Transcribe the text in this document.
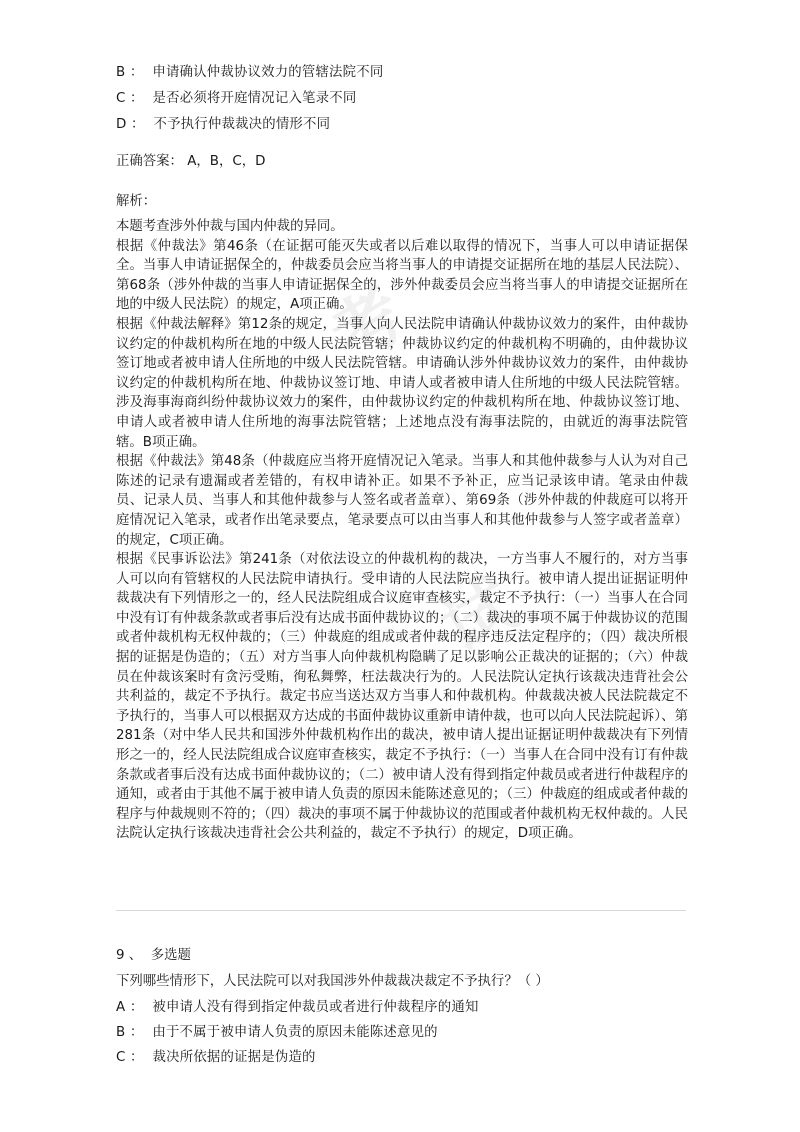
考
试
B ： 申请确认仲裁协议效力的管辖法院不同
C ： 是否必须将开庭情况记入笔录不同
D ： 不予执行仲裁裁决的情形不同
正确答案： A，B，C，D
解析：

本题考查涉外仲裁与国内仲裁的异同。

根据《仲裁法》第46条（在证据可能灭失或者以后难以取得的情况下，当事人可以申请证据保全。当事人申请证据保全的，仲裁委员会应当将当事人的申请提交证据所在地的基层人民法院）、第68条（涉外仲裁的当事人申请证据保全的，涉外仲裁委员会应当将当事人的申请提交证据所在地的中级人民法院）的规定，A项正确。

根据《仲裁法解释》第12条的规定，当事人向人民法院申请确认仲裁协议效力的案件，由仲裁协议约定的仲裁机构所在地的中级人民法院管辖；仲裁协议约定的仲裁机构不明确的，由仲裁协议签订地或者被申请人住所地的中级人民法院管辖。申请确认涉外仲裁协议效力的案件，由仲裁协议约定的仲裁机构所在地、仲裁协议签订地、申请人或者被申请人住所地的中级人民法院管辖。涉及海事海商纠纷仲裁协议效力的案件，由仲裁协议约定的仲裁机构所在地、仲裁协议签订地、申请人或者被申请人住所地的海事法院管辖；上述地点没有海事法院的，由就近的海事法院管辖。B项正确。

根据《仲裁法》第48条（仲裁庭应当将开庭情况记入笔录。当事人和其他仲裁参与人认为对自己陈述的记录有遗漏或者差错的，有权申请补正。如果不予补正，应当记录该申请。笔录由仲裁员、记录人员、当事人和其他仲裁参与人签名或者盖章）、第69条（涉外仲裁的仲裁庭可以将开庭情况记入笔录，或者作出笔录要点，笔录要点可以由当事人和其他仲裁参与人签字或者盖章）的规定，C项正确。

根据《民事诉讼法》第241条（对依法设立的仲裁机构的裁决，一方当事人不履行的，对方当事人可以向有管辖权的人民法院申请执行。受申请的人民法院应当执行。被申请人提出证据证明仲裁裁决有下列情形之一的，经人民法院组成合议庭审查核实，裁定不予执行：（一）当事人在合同中没有订有仲裁条款或者事后没有达成书面仲裁协议的；（二）裁决的事项不属于仲裁协议的范围或者仲裁机构无权仲裁的；（三）仲裁庭的组成或者仲裁的程序违反法定程序的；（四）裁决所根据的证据是伪造的；（五）对方当事人向仲裁机构隐瞒了足以影响公正裁决的证据的；（六）仲裁员在仲裁该案时有贪污受贿，徇私舞弊，枉法裁决行为的。人民法院认定执行该裁决违背社会公共利益的，裁定不予执行。裁定书应当送达双方当事人和仲裁机构。仲裁裁决被人民法院裁定不予执行的，当事人可以根据双方达成的书面仲裁协议重新申请仲裁，也可以向人民法院起诉）、第281条（对中华人民共和国涉外仲裁机构作出的裁决，被申请人提出证据证明仲裁裁决有下列情形之一的，经人民法院组成合议庭审查核实，裁定不予执行：（一）当事人在合同中没有订有仲裁条款或者事后没有达成书面仲裁协议的；（二）被申请人没有得到指定仲裁员或者进行仲裁程序的通知，或者由于其他不属于被申请人负责的原因未能陈述意见的；（三）仲裁庭的组成或者仲裁的程序与仲裁规则不符的；（四）裁决的事项不属于仲裁协议的范围或者仲裁机构无权仲裁的。人民法院认定执行该裁决违背社会公共利益的，裁定不予执行）的规定，D项正确。

9 、 多选题
下列哪些情形下，人民法院可以对我国涉外仲裁裁决裁定不予执行？（ ）
A ： 被申请人没有得到指定仲裁员或者进行仲裁程序的通知
B ： 由于不属于被申请人负责的原因未能陈述意见的
C ： 裁决所依据的证据是伪造的
